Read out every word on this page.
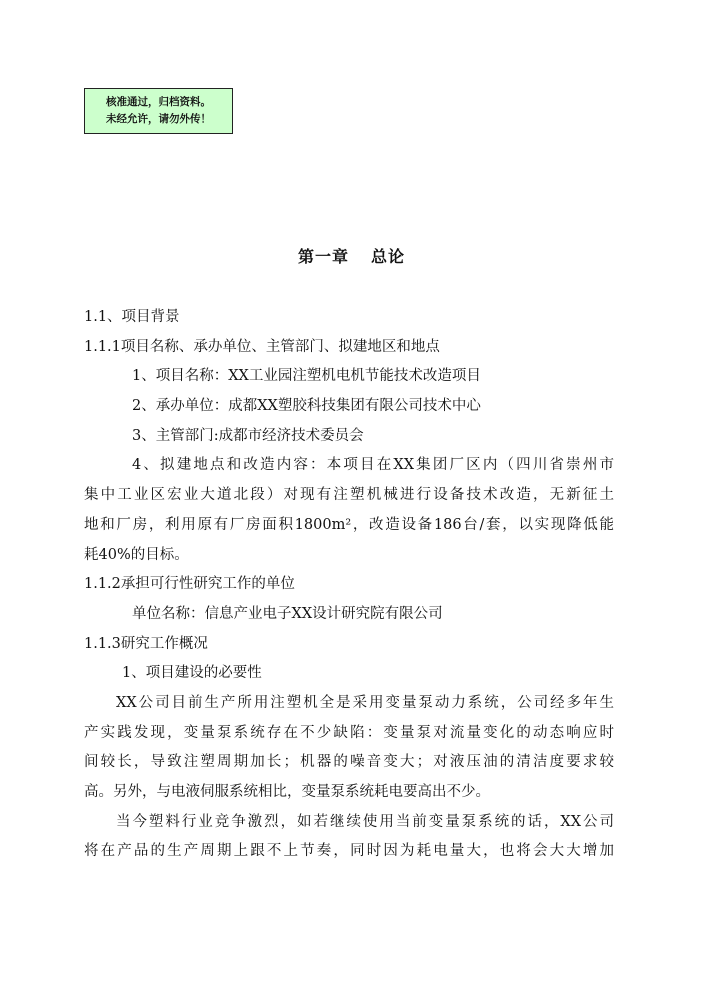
核准通过，归档资料。
未经允许，请勿外传！
第一章 总论
1.1、项目背景
1.1.1项目名称、承办单位、主管部门、拟建地区和地点
1、项目名称：XX工业园注塑机电机节能技术改造项目
2、承办单位：成都XX塑胶科技集团有限公司技术中心
3、主管部门:成都市经济技术委员会
4、拟建地点和改造内容：本项目在XX集团厂区内（四川省崇州市
集中工业区宏业大道北段）对现有注塑机械进行设备技术改造，无新征土
地和厂房，利用原有厂房面积1800m²，改造设备186台/套，以实现降低能
耗40%的目标。
1.1.2承担可行性研究工作的单位
单位名称：信息产业电子XX设计研究院有限公司
1.1.3研究工作概况
1、项目建设的必要性
XX公司目前生产所用注塑机全是采用变量泵动力系统，公司经多年生
产实践发现，变量泵系统存在不少缺陷：变量泵对流量变化的动态响应时
间较长，导致注塑周期加长；机器的噪音变大；对液压油的清洁度要求较
高。另外，与电液伺服系统相比，变量泵系统耗电要高出不少。
当今塑料行业竞争激烈，如若继续使用当前变量泵系统的话，XX公司
将在产品的生产周期上跟不上节奏，同时因为耗电量大，也将会大大增加
